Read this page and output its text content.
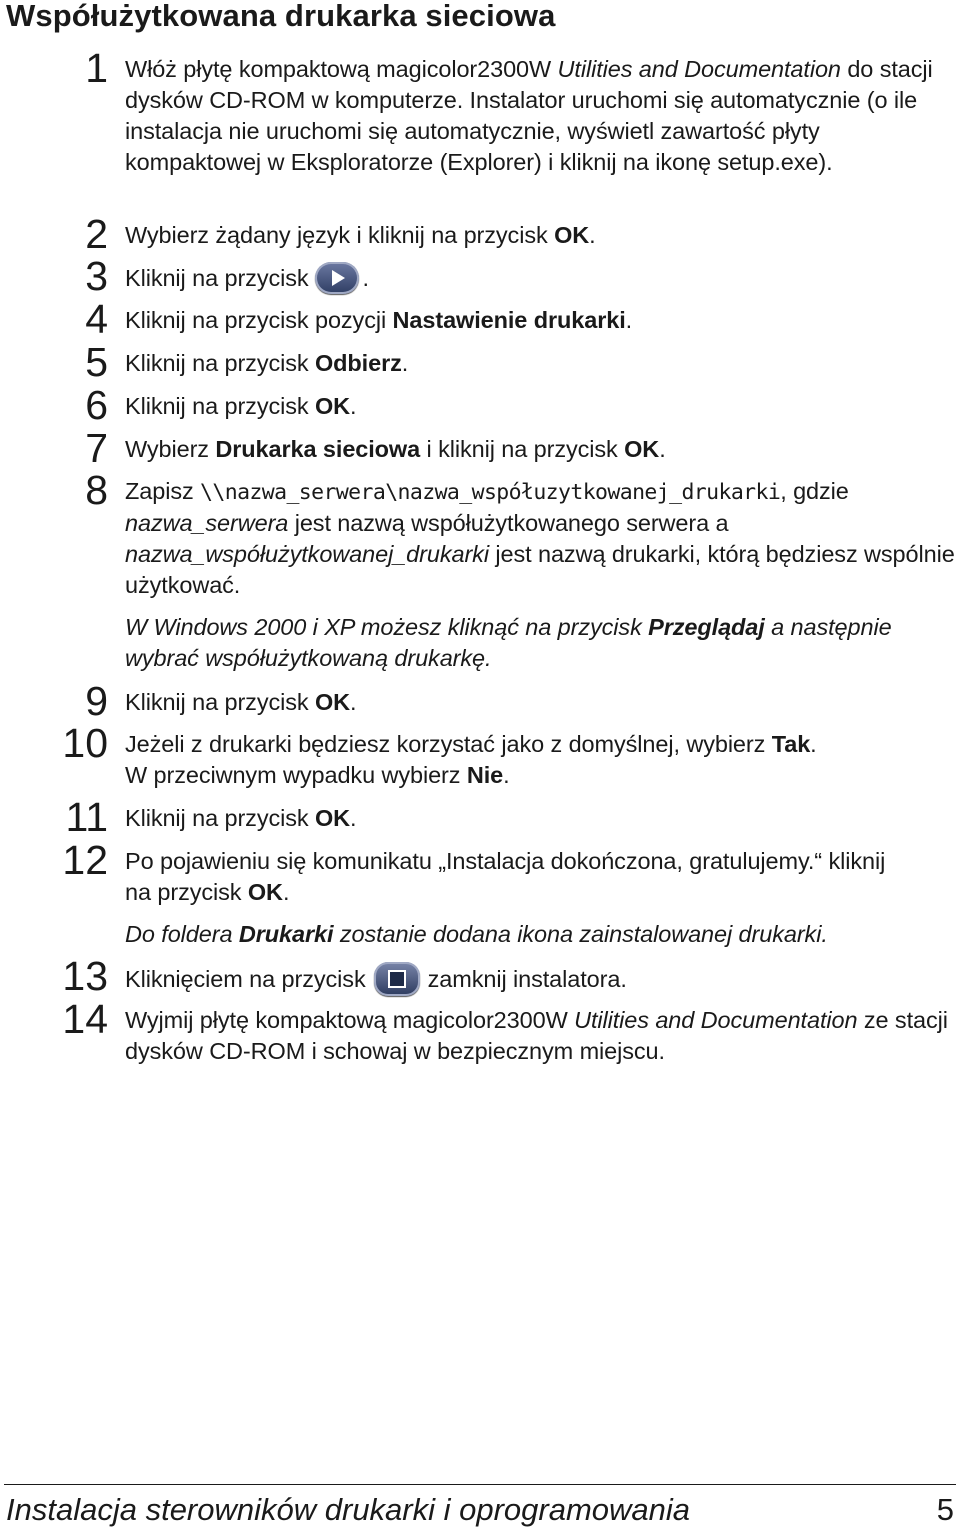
Współużytkowana drukarka sieciowa
1 Włóż płytę kompaktową magicolor2300W Utilities and Documentation do stacji dysków CD-ROM w komputerze. Instalator uruchomi się automatycznie (o ile instalacja nie uruchomi się automatycznie, wyświetl zawartość płyty kompaktowej w Eksploratorze (Explorer) i kliknij na ikonę setup.exe).

2 Wybierz żądany język i kliknij na przycisk OK.

3 Kliknij na przycisk .

4 Kliknij na przycisk pozycji Nastawienie drukarki.

5 Kliknij na przycisk Odbierz.

6 Kliknij na przycisk OK.

7 Wybierz Drukarka sieciowa i kliknij na przycisk OK.

8 Zapisz \\nazwa_serwera\nazwa_współuzytkowanej_drukarki, gdzie nazwa_serwera jest nazwą współużytkowanego serwera a nazwa_współużytkowanej_drukarki jest nazwą drukarki, którą będziesz wspólnie użytkować.

W Windows 2000 i XP możesz kliknąć na przycisk Przeglądaj a następnie wybrać współużytkowaną drukarkę.

9 Kliknij na przycisk OK.

10 Jeżeli z drukarki będziesz korzystać jako z domyślnej, wybierz Tak.

W przeciwnym wypadku wybierz Nie.

11 Kliknij na przycisk OK.

12 Po pojawieniu się komunikatu „Instalacja dokończona, gratulujemy.“ kliknij na przycisk OK.

Do foldera Drukarki zostanie dodana ikona zainstalowanej drukarki.

13 Kliknięciem na przycisk	zamknij instalatora.

14 Wyjmij płytę kompaktową magicolor2300W Utilities and Documentation ze stacji dysków CD-ROM i schowaj w bezpiecznym miejscu.

Instalacja sterowników drukarki i oprogramowania	5
